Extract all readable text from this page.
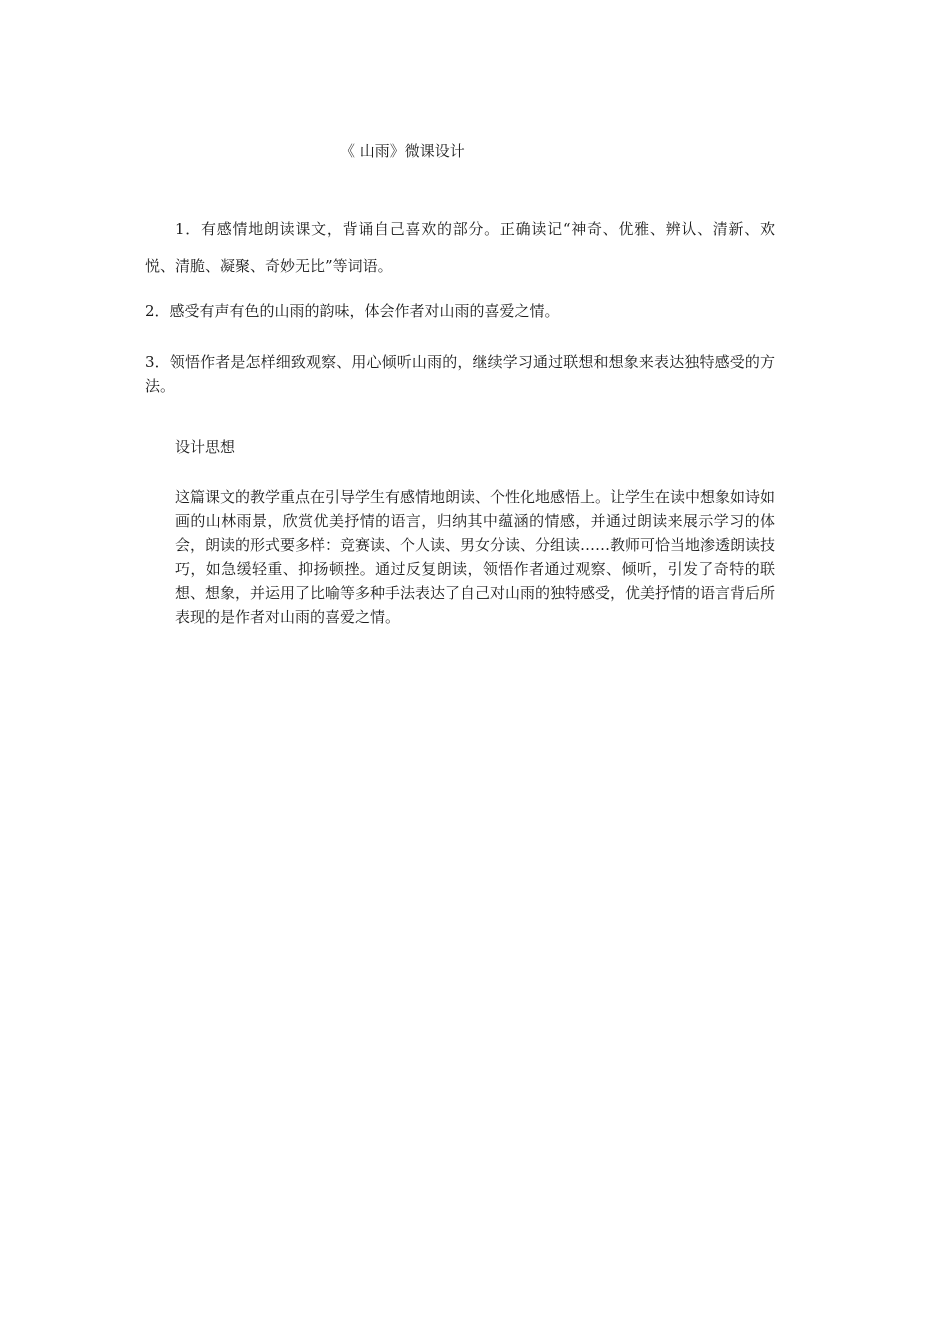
《 山雨》微课设计

1．有感情地朗读课文，背诵自己喜欢的部分。正确读记“神奇、优雅、辨认、清新、欢悦、清脆、凝聚、奇妙无比”等词语。

2．感受有声有色的山雨的韵味，体会作者对山雨的喜爱之情。

3．领悟作者是怎样细致观察、用心倾听山雨的，继续学习通过联想和想象来表达独特感受的方法。

设计思想

这篇课文的教学重点在引导学生有感情地朗读、个性化地感悟上。让学生在读中想象如诗如画的山林雨景，欣赏优美抒情的语言，归纳其中蕴涵的情感，并通过朗读来展示学习的体会，朗读的形式要多样：竞赛读、个人读、男女分读、分组读……教师可恰当地渗透朗读技巧，如急缓轻重、抑扬顿挫。通过反复朗读，领悟作者通过观察、倾听，引发了奇特的联想、想象，并运用了比喻等多种手法表达了自己对山雨的独特感受，优美抒情的语言背后所表现的是作者对山雨的喜爱之情。
